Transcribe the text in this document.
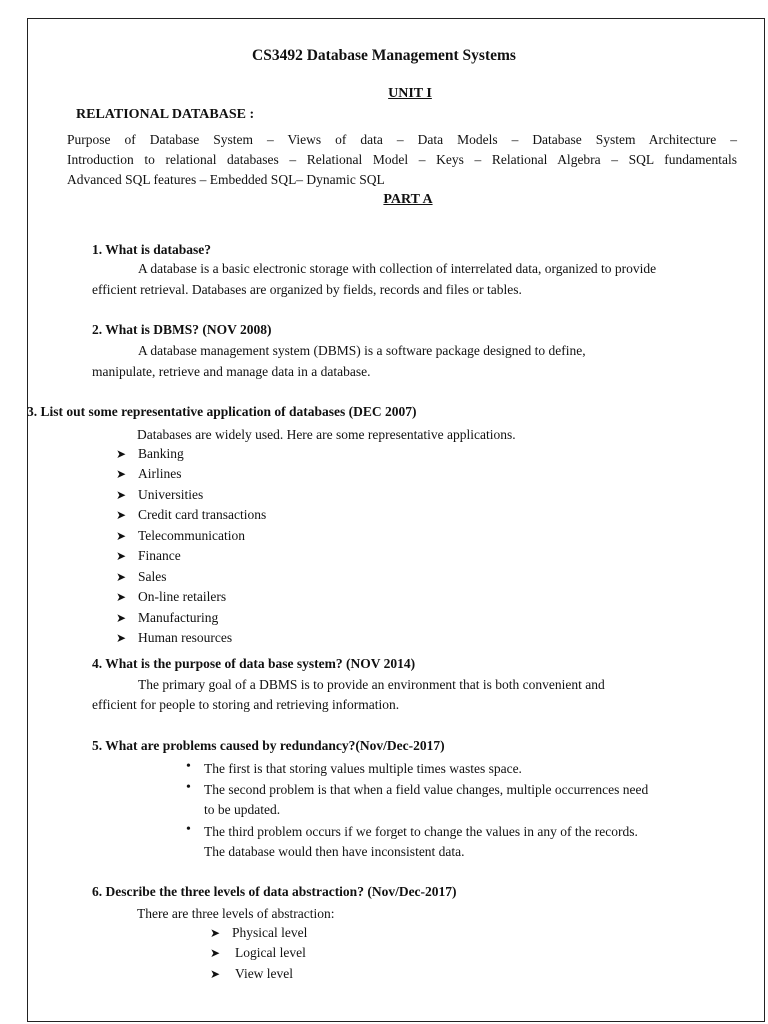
CS3492 Database Management Systems
UNIT I
RELATIONAL DATABASE :
Purpose of Database System – Views of data – Data Models – Database System Architecture –
Introduction to relational databases – Relational Model – Keys – Relational Algebra – SQL fundamentals
Advanced SQL features – Embedded SQL– Dynamic SQL
PART A
1. What is database?
A database is a basic electronic storage with collection of interrelated data, organized to provide
efficient retrieval. Databases are organized by fields, records and files or tables.
2. What is DBMS? (NOV 2008)
A database management system (DBMS) is a software package designed to define,
manipulate, retrieve and manage data in a database.
3. List out some representative application of databases (DEC 2007)
Databases are widely used. Here are some representative applications.
➤ Banking
➤ Airlines
➤ Universities
➤ Credit card transactions
➤ Telecommunication
➤ Finance
➤ Sales
➤ On-line retailers
➤ Manufacturing
➤ Human resources
4. What is the purpose of data base system? (NOV 2014)
The primary goal of a DBMS is to provide an environment that is both convenient and
efficient for people to storing and retrieving information.
5. What are problems caused by redundancy?(Nov/Dec-2017)
• The first is that storing values multiple times wastes space.
• The second problem is that when a field value changes, multiple occurrences need
to be updated.
• The third problem occurs if we forget to change the values in any of the records.
The database would then have inconsistent data.
6. Describe the three levels of data abstraction? (Nov/Dec-2017)
There are three levels of abstraction:
➤ Physical level
➤ Logical level
➤ View level
